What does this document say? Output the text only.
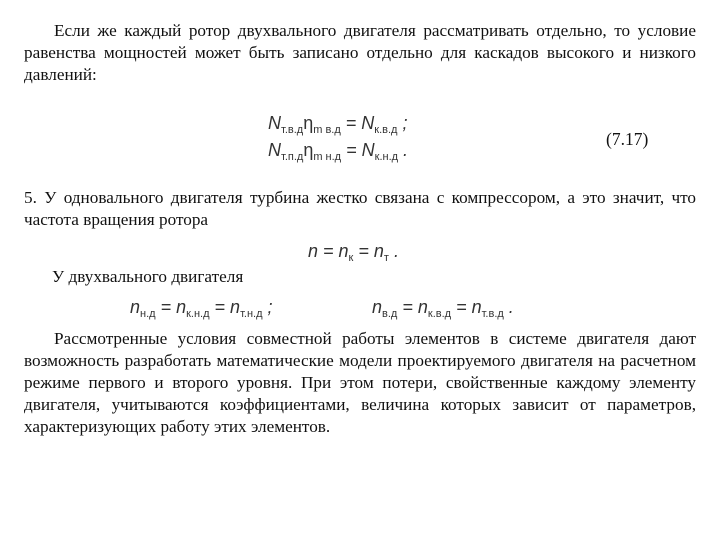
Если же каждый ротор двухвального двигателя рассматривать отдельно, то условие равенства мощностей может быть записано отдельно для каскадов высокого и низкого давлений:

$N_{т.в.д}\eta_{m в.д} = N_{к.в.д}$ ;
$N_{т.п.д}\eta_{m н.д} = N_{к.н.д}$ .
(7.17)

5. У одновального двигателя турбина жестко связана с компрессором, а это значит, что частота вращения ротора

$n = n_к = n_т$ .

У двухвального двигателя

$n_{н.д} = n_{к.н.д} = n_{т.н.д}$ ;	$n_{в.д} = n_{к.в.д} = n_{т.в.д}$ .

Рассмотренные условия совместной работы элементов в системе двигателя дают возможность разработать математические модели проектируемого двигателя на расчетном режиме первого и второго уровня. При этом потери, свойственные каждому элементу двигателя, учитываются коэффициентами, величина которых зависит от параметров, характеризующих работу этих элементов.
